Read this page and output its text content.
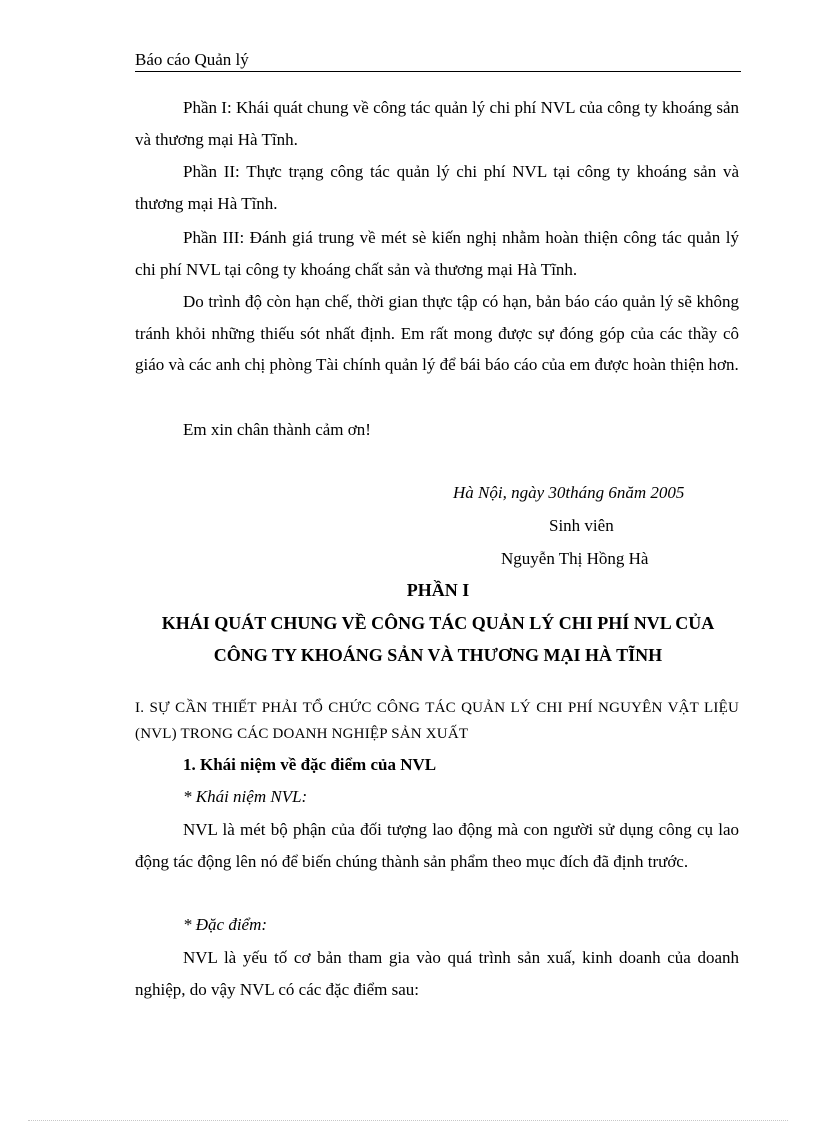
Báo cáo Quản lý

Phần I: Khái quát chung về công tác quản lý chi phí NVL của công ty khoáng sản và thương mại Hà Tĩnh.

Phần II: Thực trạng công tác quản lý chi phí NVL tại công ty khoáng sản và thương mại Hà Tĩnh.

Phần III: Đánh giá trung về mét sè kiến nghị nhằm hoàn thiện công tác quản lý chi phí NVL tại công ty khoáng chất sản và thương mại Hà Tĩnh.

Do trình độ còn hạn chế, thời gian thực tập có hạn, bản báo cáo quản lý sẽ không tránh khỏi những thiếu sót nhất định. Em rất mong được sự đóng góp của các thầy cô giáo và các anh chị phòng Tài chính quản lý để bái báo cáo của em được hoàn thiện hơn.

Em xin chân thành cảm ơn!

Hà Nội, ngày 30tháng 6năm 2005
Sinh viên
Nguyễn Thị Hồng Hà
PHẦN I
KHÁI QUÁT CHUNG VỀ CÔNG TÁC QUẢN LÝ CHI PHÍ NVL CỦA
CÔNG TY KHOÁNG SẢN VÀ THƯƠNG MẠI HÀ TĨNH

I. SỰ CẦN THIẾT PHẢI TỔ CHỨC CÔNG TÁC QUẢN LÝ CHI PHÍ NGUYÊN VẬT LIỆU (NVL) TRONG CÁC DOANH NGHIỆP SẢN XUẤT

1. Khái niệm về đặc điểm của NVL
* Khái niệm NVL:

NVL là mét bộ phận của đối tượng lao động mà con người sử dụng công cụ lao động tác động lên nó để biến chúng thành sản phẩm theo mục đích đã định trước.

* Đặc điểm:

NVL là yếu tố cơ bản tham gia vào quá trình sản xuấ, kinh doanh của doanh nghiệp, do vậy NVL có các đặc điểm sau:
